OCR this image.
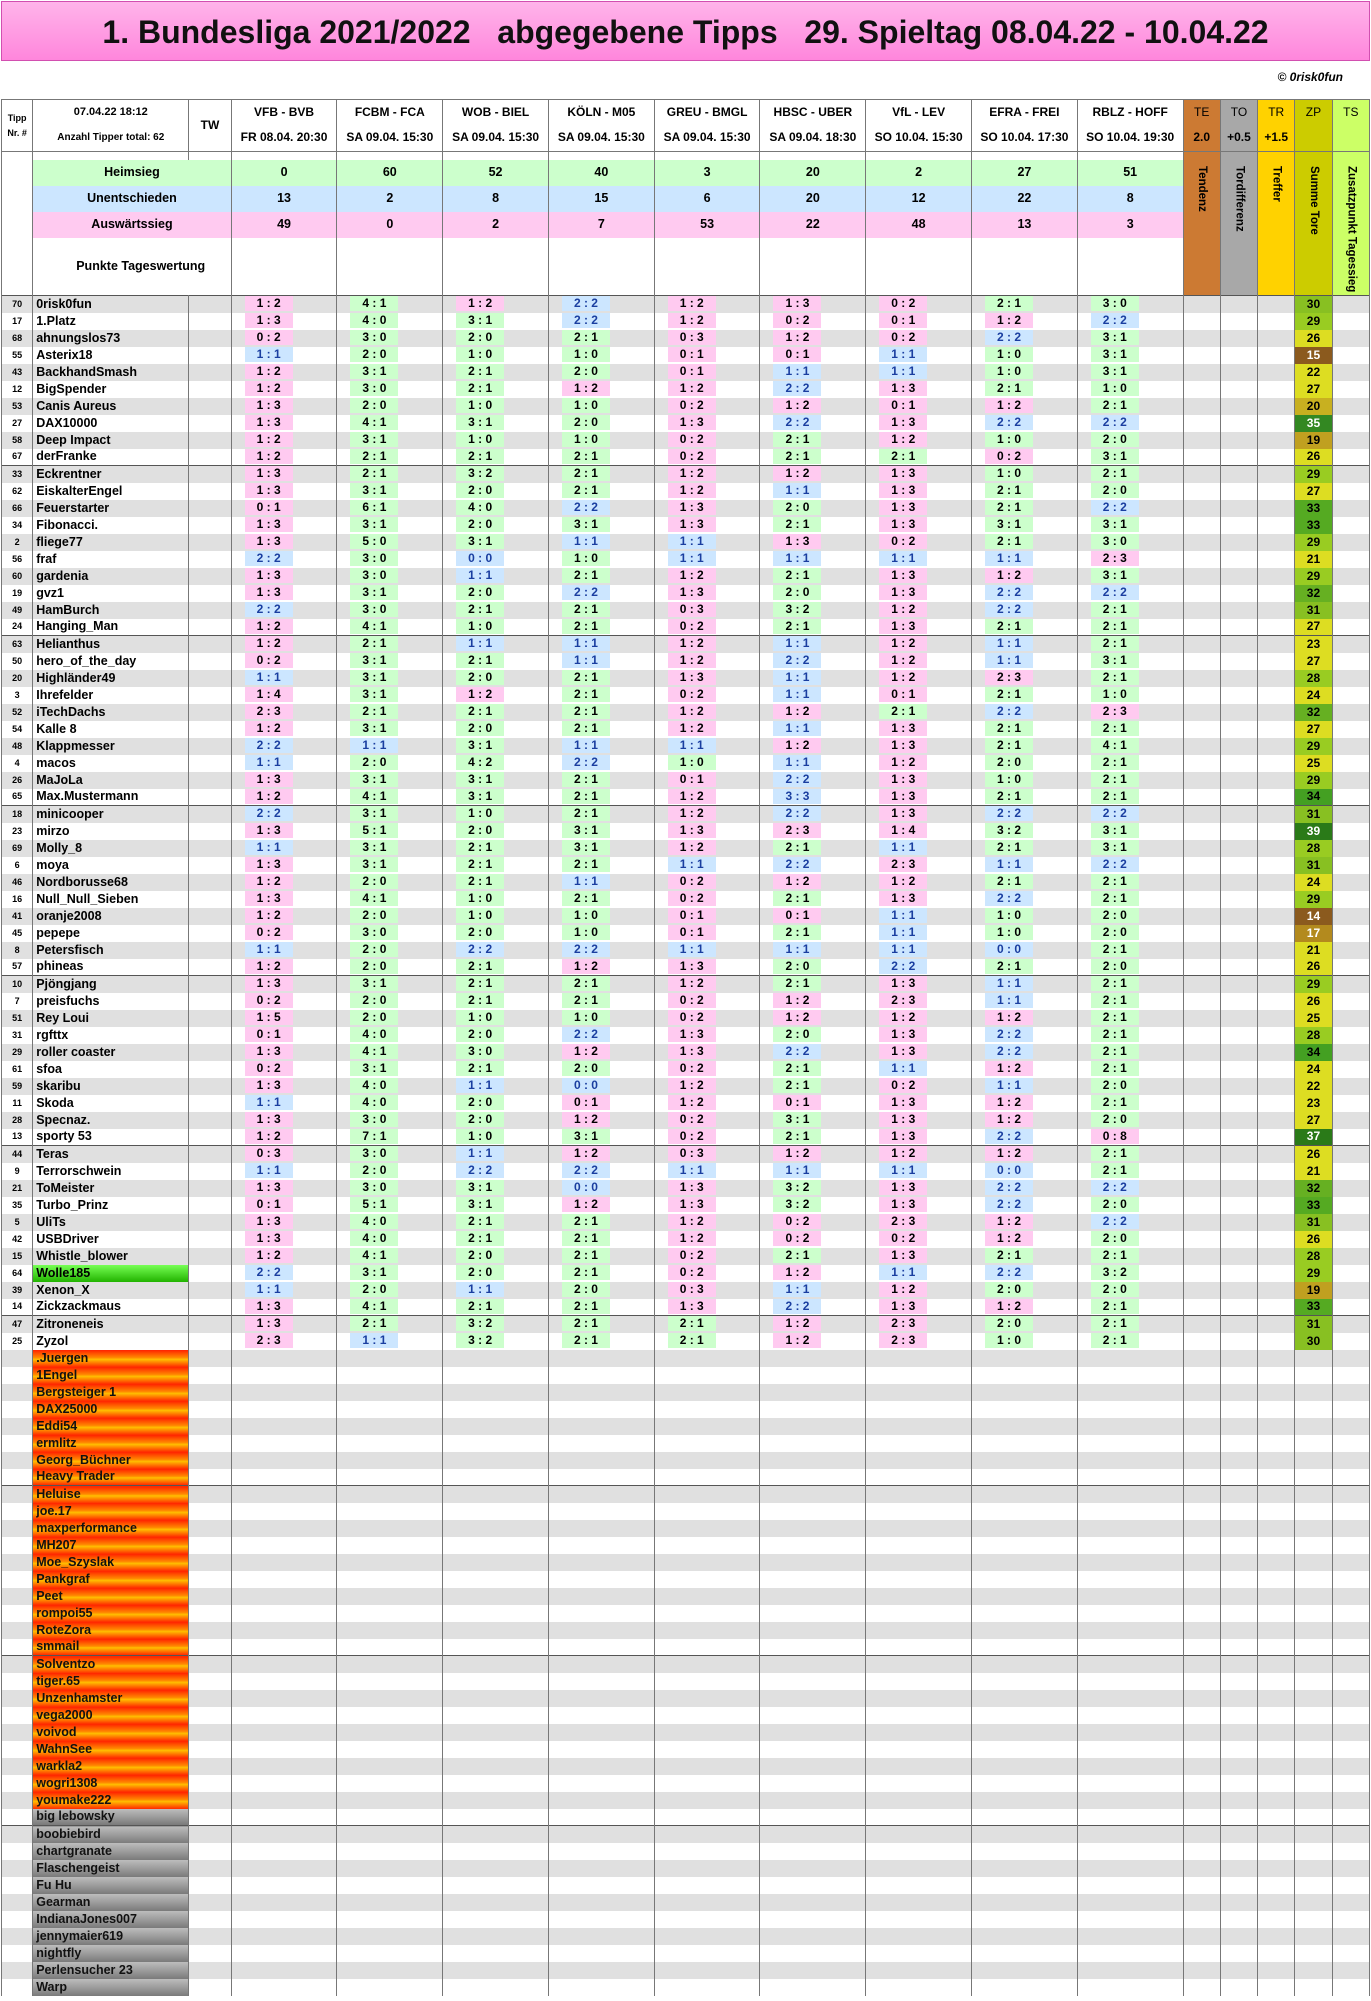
1. Bundesliga 2021/2022   abgegebene Tipps   29. Spieltag 08.04.22 - 10.04.22
© 0risk0fun
Tipp Nr. #	07.04.22 18:12	TW	VFB - BVB	FCBM - FCA	WOB - BIEL	KÖLN - M05	GREU - BMGL	HBSC - UBER	VfL - LEV	EFRA - FREI	RBLZ - HOFF	TE	TO	TR	ZP	TS
	Anzahl Tipper total: 62		FR 08.04. 20:30	SA 09.04. 15:30	SA 09.04. 15:30	SA 09.04. 15:30	SA 09.04. 15:30	SA 09.04. 18:30	SO 10.04. 15:30	SO 10.04. 17:30	SO 10.04. 19:30	2.0	+0.5	+1.5		

	Heimsieg		0	60	52	40	3	20	2	27	51	Tendenz	Tordifferenz	Treffer	Summe Tore	Zusatzpunkt Tagessieg

	Unentschieden		13	2	8	15	6	20	12	22	8					
	Auswärtssieg		49	0	2	7	53	22	48	13	3					
	Punkte Tageswertung															
70	0risk0fun		1 : 2	4 : 1	1 : 2	2 : 2	1 : 2	1 : 3	0 : 2	2 : 1	3 : 0				30	
17	1.Platz		1 : 3	4 : 0	3 : 1	2 : 2	1 : 2	0 : 2	0 : 1	1 : 2	2 : 2				29	
68	ahnungslos73		0 : 2	3 : 0	2 : 0	2 : 1	0 : 3	1 : 2	0 : 2	2 : 2	3 : 1				26	
55	Asterix18		1 : 1	2 : 0	1 : 0	1 : 0	0 : 1	0 : 1	1 : 1	1 : 0	3 : 1				15	
43	BackhandSmash		1 : 2	3 : 1	2 : 1	2 : 0	0 : 1	1 : 1	1 : 1	1 : 0	3 : 1				22	
12	BigSpender		1 : 2	3 : 0	2 : 1	1 : 2	1 : 2	2 : 2	1 : 3	2 : 1	1 : 0				27	
53	Canis Aureus		1 : 3	2 : 0	1 : 0	1 : 0	0 : 2	1 : 2	0 : 1	1 : 2	2 : 1				20	
27	DAX10000		1 : 3	4 : 1	3 : 1	2 : 0	1 : 3	2 : 2	1 : 3	2 : 2	2 : 2				35	
58	Deep Impact		1 : 2	3 : 1	1 : 0	1 : 0	0 : 2	2 : 1	1 : 2	1 : 0	2 : 0				19	
67	derFranke		1 : 2	2 : 1	2 : 1	2 : 1	0 : 2	2 : 1	2 : 1	0 : 2	3 : 1				26	
33	Eckrentner		1 : 3	2 : 1	3 : 2	2 : 1	1 : 2	1 : 2	1 : 3	1 : 0	2 : 1				29	
62	EiskalterEngel		1 : 3	3 : 1	2 : 0	2 : 1	1 : 2	1 : 1	1 : 3	2 : 1	2 : 0				27	
66	Feuerstarter		0 : 1	6 : 1	4 : 0	2 : 2	1 : 3	2 : 0	1 : 3	2 : 1	2 : 2				33	
34	Fibonacci.		1 : 3	3 : 1	2 : 0	3 : 1	1 : 3	2 : 1	1 : 3	3 : 1	3 : 1				33	
2	fliege77		1 : 3	5 : 0	3 : 1	1 : 1	1 : 1	1 : 3	0 : 2	2 : 1	3 : 0				29	
56	fraf		2 : 2	3 : 0	0 : 0	1 : 0	1 : 1	1 : 1	1 : 1	1 : 1	2 : 3				21	
60	gardenia		1 : 3	3 : 0	1 : 1	2 : 1	1 : 2	2 : 1	1 : 3	1 : 2	3 : 1				29	
19	gvz1		1 : 3	3 : 1	2 : 0	2 : 2	1 : 3	2 : 0	1 : 3	2 : 2	2 : 2				32	
49	HamBurch		2 : 2	3 : 0	2 : 1	2 : 1	0 : 3	3 : 2	1 : 2	2 : 2	2 : 1				31	
24	Hanging_Man		1 : 2	4 : 1	1 : 0	2 : 1	0 : 2	2 : 1	1 : 3	2 : 1	2 : 1				27	
63	Helianthus		1 : 2	2 : 1	1 : 1	1 : 1	1 : 2	1 : 1	1 : 2	1 : 1	2 : 1				23	
50	hero_of_the_day		0 : 2	3 : 1	2 : 1	1 : 1	1 : 2	2 : 2	1 : 2	1 : 1	3 : 1				27	
20	Highländer49		1 : 1	3 : 1	2 : 0	2 : 1	1 : 3	1 : 1	1 : 2	2 : 3	2 : 1				28	
3	Ihrefelder		1 : 4	3 : 1	1 : 2	2 : 1	0 : 2	1 : 1	0 : 1	2 : 1	1 : 0				24	
52	iTechDachs		2 : 3	2 : 1	2 : 1	2 : 1	1 : 2	1 : 2	2 : 1	2 : 2	2 : 3				32	
54	Kalle 8		1 : 2	3 : 1	2 : 0	2 : 1	1 : 2	1 : 1	1 : 3	2 : 1	2 : 1				27	
48	Klappmesser		2 : 2	1 : 1	3 : 1	1 : 1	1 : 1	1 : 2	1 : 3	2 : 1	4 : 1				29	
4	macos		1 : 1	2 : 0	4 : 2	2 : 2	1 : 0	1 : 1	1 : 2	2 : 0	2 : 1				25	
26	MaJoLa		1 : 3	3 : 1	3 : 1	2 : 1	0 : 1	2 : 2	1 : 3	1 : 0	2 : 1				29	
65	Max.Mustermann		1 : 2	4 : 1	3 : 1	2 : 1	1 : 2	3 : 3	1 : 3	2 : 1	2 : 1				34	
18	minicooper		2 : 2	3 : 1	1 : 0	2 : 1	1 : 2	2 : 2	1 : 3	2 : 2	2 : 2				31	
23	mirzo		1 : 3	5 : 1	2 : 0	3 : 1	1 : 3	2 : 3	1 : 4	3 : 2	3 : 1				39	
69	Molly_8		1 : 1	3 : 1	2 : 1	3 : 1	1 : 2	2 : 1	1 : 1	2 : 1	3 : 1				28	
6	moya		1 : 3	3 : 1	2 : 1	2 : 1	1 : 1	2 : 2	2 : 3	1 : 1	2 : 2				31	
46	Nordborusse68		1 : 2	2 : 0	2 : 1	1 : 1	0 : 2	1 : 2	1 : 2	2 : 1	2 : 1				24	
16	Null_Null_Sieben		1 : 3	4 : 1	1 : 0	2 : 1	0 : 2	2 : 1	1 : 3	2 : 2	2 : 1				29	
41	oranje2008		1 : 2	2 : 0	1 : 0	1 : 0	0 : 1	0 : 1	1 : 1	1 : 0	2 : 0				14	
45	pepepe		0 : 2	3 : 0	2 : 0	1 : 0	0 : 1	2 : 1	1 : 1	1 : 0	2 : 0				17	
8	Petersfisch		1 : 1	2 : 0	2 : 2	2 : 2	1 : 1	1 : 1	1 : 1	0 : 0	2 : 1				21	
57	phineas		1 : 2	2 : 0	2 : 1	1 : 2	1 : 3	2 : 0	2 : 2	2 : 1	2 : 0				26	
10	Pjöngjang		1 : 3	3 : 1	2 : 1	2 : 1	1 : 2	2 : 1	1 : 3	1 : 1	2 : 1				29	
7	preisfuchs		0 : 2	2 : 0	2 : 1	2 : 1	0 : 2	1 : 2	2 : 3	1 : 1	2 : 1				26	
51	Rey Loui		1 : 5	2 : 0	1 : 0	1 : 0	0 : 2	1 : 2	1 : 2	1 : 2	2 : 1				25	
31	rgfttx		0 : 1	4 : 0	2 : 0	2 : 2	1 : 3	2 : 0	1 : 3	2 : 2	2 : 1				28	
29	roller coaster		1 : 3	4 : 1	3 : 0	1 : 2	1 : 3	2 : 2	1 : 3	2 : 2	2 : 1				34	
61	sfoa		0 : 2	3 : 1	2 : 1	2 : 0	0 : 2	2 : 1	1 : 1	1 : 2	2 : 1				24	
59	skaribu		1 : 3	4 : 0	1 : 1	0 : 0	1 : 2	2 : 1	0 : 2	1 : 1	2 : 0				22	
11	Skoda		1 : 1	4 : 0	2 : 0	0 : 1	1 : 2	0 : 1	1 : 3	1 : 2	2 : 1				23	
28	Specnaz.		1 : 3	3 : 0	2 : 0	1 : 2	0 : 2	3 : 1	1 : 3	1 : 2	2 : 0				27	
13	sporty 53		1 : 2	7 : 1	1 : 0	3 : 1	0 : 2	2 : 1	1 : 3	2 : 2	0 : 8				37	
44	Teras		0 : 3	3 : 0	1 : 1	1 : 2	0 : 3	1 : 2	1 : 2	1 : 2	2 : 1				26	
9	Terrorschwein		1 : 1	2 : 0	2 : 2	2 : 2	1 : 1	1 : 1	1 : 1	0 : 0	2 : 1				21	
21	ToMeister		1 : 3	3 : 0	3 : 1	0 : 0	1 : 3	3 : 2	1 : 3	2 : 2	2 : 2				32	
35	Turbo_Prinz		0 : 1	5 : 1	3 : 1	1 : 2	1 : 3	3 : 2	1 : 3	2 : 2	2 : 0				33	
5	UliTs		1 : 3	4 : 0	2 : 1	2 : 1	1 : 2	0 : 2	2 : 3	1 : 2	2 : 2				31	
42	USBDriver		1 : 3	4 : 0	2 : 1	2 : 1	1 : 2	0 : 2	0 : 2	1 : 2	2 : 0				26	
15	Whistle_blower		1 : 2	4 : 1	2 : 0	2 : 1	0 : 2	2 : 1	1 : 3	2 : 1	2 : 1				28	
64	Wolle185		2 : 2	3 : 1	2 : 0	2 : 1	0 : 2	1 : 2	1 : 1	2 : 2	3 : 2				29	
39	Xenon_X		1 : 1	2 : 0	1 : 1	2 : 0	0 : 3	1 : 1	1 : 2	2 : 0	2 : 0				19	
14	Zickzackmaus		1 : 3	4 : 1	2 : 1	2 : 1	1 : 3	2 : 2	1 : 3	1 : 2	2 : 1				33	
47	Zitroneneis		1 : 3	2 : 1	3 : 2	2 : 1	2 : 1	1 : 2	2 : 3	2 : 0	2 : 1				31	
25	Zyzol		2 : 3	1 : 1	3 : 2	2 : 1	2 : 1	1 : 2	2 : 3	1 : 0	2 : 1				30	
	.Juergen															
	1Engel															
	Bergsteiger 1															
	DAX25000															
	Eddi54															
	ermlitz															
	Georg_Büchner															
	Heavy Trader															
	Heluise															
	joe.17															
	maxperformance															
	MH207															
	Moe_Szyslak															
	Pankgraf															
	Peet															
	rompoi55															
	RoteZora															
	smmail															
	Solventzo															
	tiger.65															
	Unzenhamster															
	vega2000															
	voivod															
	WahnSee															
	warkla2															
	wogri1308															
	youmake222															
	big lebowsky															
	boobiebird															
	chartgranate															
	Flaschengeist															
	Fu Hu															
	Gearman															
	IndianaJones007															
	jennymaier619															
	nightfly															
	Perlensucher 23															
	Warp															
